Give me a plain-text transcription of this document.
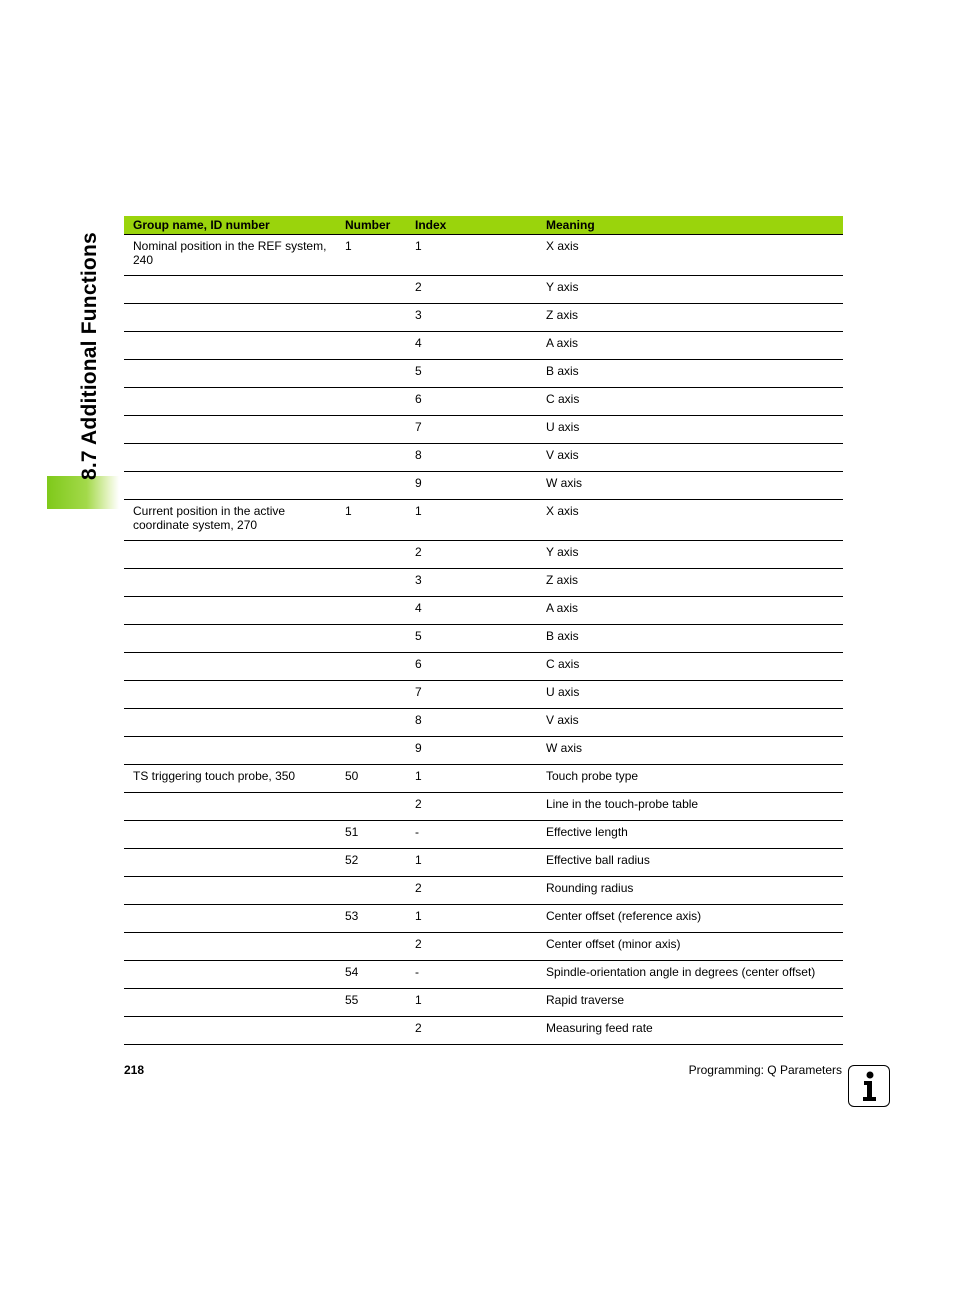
8.7 Additional Functions
Group name, ID number	Number	Index	Meaning
Nominal position in the REF system, 240	1	1	X axis
		2	Y axis
		3	Z axis
		4	A axis
		5	B axis
		6	C axis
		7	U axis
		8	V axis
		9	W axis
Current position in the active coordinate system, 270	1	1	X axis
		2	Y axis
		3	Z axis
		4	A axis
		5	B axis
		6	C axis
		7	U axis
		8	V axis
		9	W axis
TS triggering touch probe, 350	50	1	Touch probe type
		2	Line in the touch-probe table
	51	-	Effective length
	52	1	Effective ball radius
		2	Rounding radius
	53	1	Center offset (reference axis)
		2	Center offset (minor axis)
	54	-	Spindle-orientation angle in degrees (center offset)
	55	1	Rapid traverse
		2	Measuring feed rate
218	Programming: Q Parameters
